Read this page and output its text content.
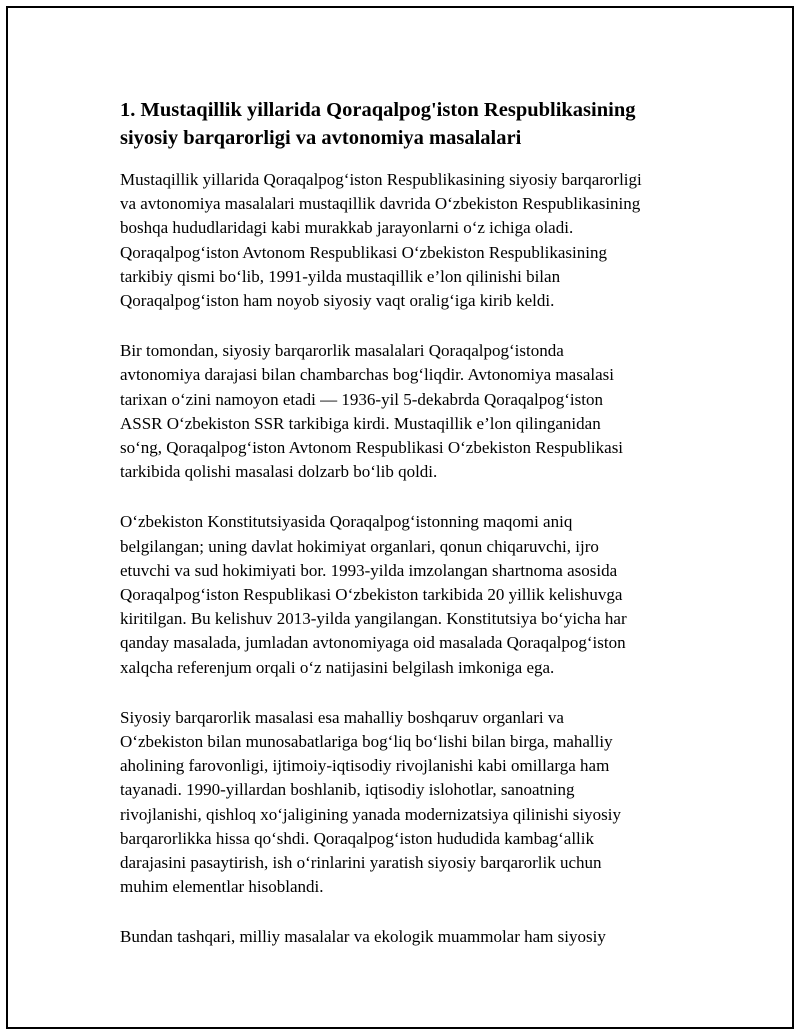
1. Mustaqillik yillarida Qoraqalpog'iston Respublikasining
siyosiy barqarorligi va avtonomiya masalalari

Mustaqillik yillarida Qoraqalpog‘iston Respublikasining siyosiy barqarorligi
va avtonomiya masalalari mustaqillik davrida O‘zbekiston Respublikasining
boshqa hududlaridagi kabi murakkab jarayonlarni o‘z ichiga oladi.
Qoraqalpog‘iston Avtonom Respublikasi O‘zbekiston Respublikasining
tarkibiy qismi bo‘lib, 1991-yilda mustaqillik e’lon qilinishi bilan
Qoraqalpog‘iston ham noyob siyosiy vaqt oralig‘iga kirib keldi.

Bir tomondan, siyosiy barqarorlik masalalari Qoraqalpog‘istonda
avtonomiya darajasi bilan chambarchas bog‘liqdir. Avtonomiya masalasi
tarixan o‘zini namoyon etadi — 1936-yil 5-dekabrda Qoraqalpog‘iston
ASSR O‘zbekiston SSR tarkibiga kirdi. Mustaqillik e’lon qilinganidan
so‘ng, Qoraqalpog‘iston Avtonom Respublikasi O‘zbekiston Respublikasi
tarkibida qolishi masalasi dolzarb bo‘lib qoldi.

O‘zbekiston Konstitutsiyasida Qoraqalpog‘istonning maqomi aniq
belgilangan; uning davlat hokimiyat organlari, qonun chiqaruvchi, ijro
etuvchi va sud hokimiyati bor. 1993-yilda imzolangan shartnoma asosida
Qoraqalpog‘iston Respublikasi O‘zbekiston tarkibida 20 yillik kelishuvga
kiritilgan. Bu kelishuv 2013-yilda yangilangan. Konstitutsiya bo‘yicha har
qanday masalada, jumladan avtonomiyaga oid masalada Qoraqalpog‘iston
xalqcha referenjum orqali o‘z natijasini belgilash imkoniga ega.

Siyosiy barqarorlik masalasi esa mahalliy boshqaruv organlari va
O‘zbekiston bilan munosabatlariga bog‘liq bo‘lishi bilan birga, mahalliy
aholining farovonligi, ijtimoiy-iqtisodiy rivojlanishi kabi omillarga ham
tayanadi. 1990-yillardan boshlanib, iqtisodiy islohotlar, sanoatning
rivojlanishi, qishloq xo‘jaligining yanada modernizatsiya qilinishi siyosiy
barqarorlikka hissa qo‘shdi. Qoraqalpog‘iston hududida kambag‘allik
darajasini pasaytirish, ish o‘rinlarini yaratish siyosiy barqarorlik uchun
muhim elementlar hisoblandi.

Bundan tashqari, milliy masalalar va ekologik muammolar ham siyosiy
